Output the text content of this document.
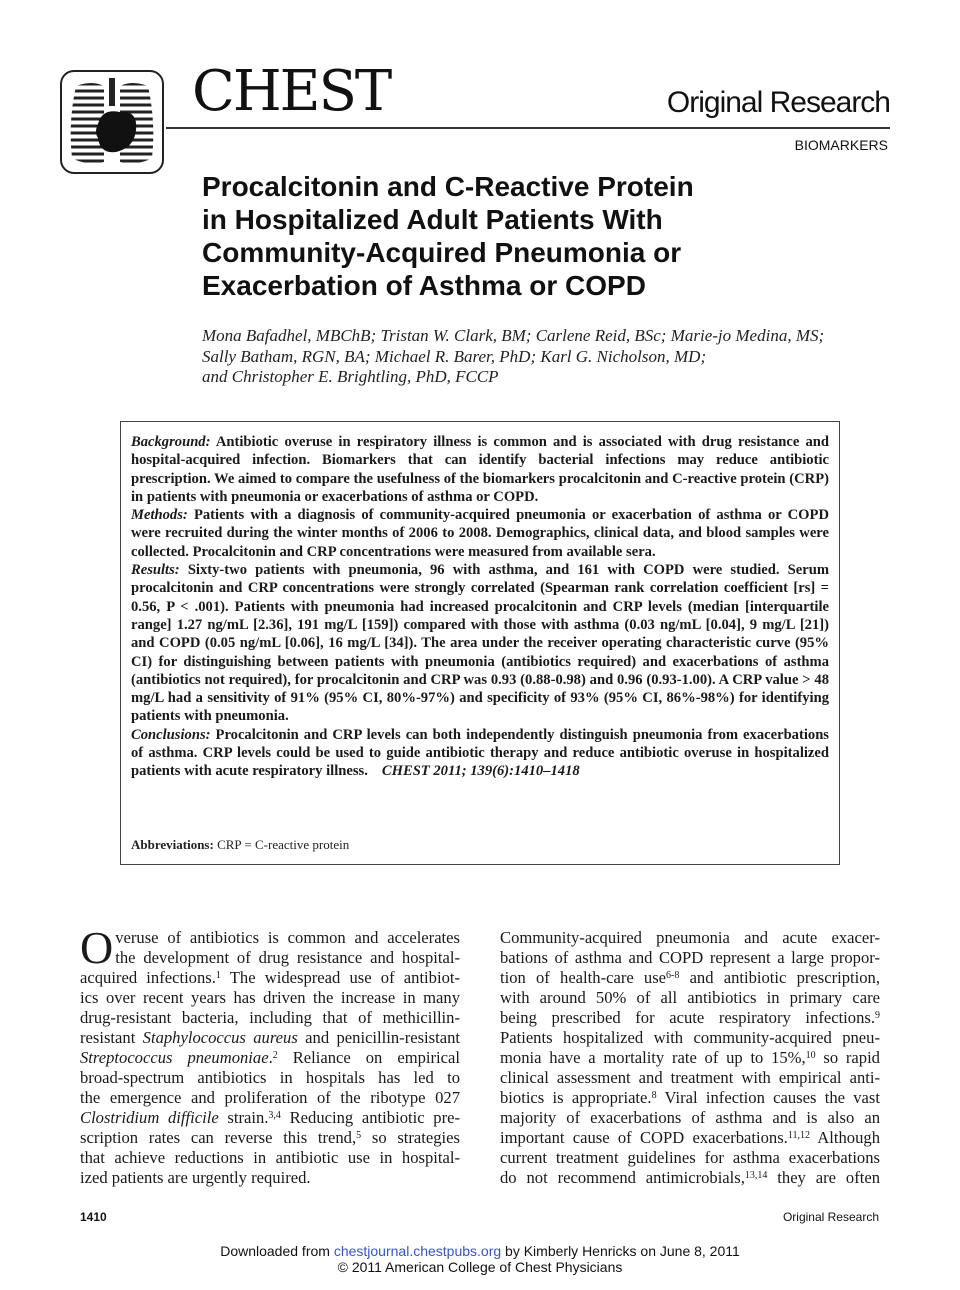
CHEST	Original Research
BIOMARKERS
Procalcitonin and C-Reactive Protein
in Hospitalized Adult Patients With
Community-Acquired Pneumonia or
Exacerbation of Asthma or COPD
Mona Bafadhel, MBChB; Tristan W. Clark, BM; Carlene Reid, BSc; Marie-jo Medina, MS;
Sally Batham, RGN, BA; Michael R. Barer, PhD; Karl G. Nicholson, MD;
and Christopher E. Brightling, PhD, FCCP
Background: Antibiotic overuse in respiratory illness is common and is associated with drug resistance and hospital-acquired infection. Biomarkers that can identify bacterial infections may reduce antibiotic prescription. We aimed to compare the usefulness of the biomarkers procalcitonin and C-reactive protein (CRP) in patients with pneumonia or exacerbations of asthma or COPD.
Methods: Patients with a diagnosis of community-acquired pneumonia or exacerbation of asthma or COPD were recruited during the winter months of 2006 to 2008. Demographics, clinical data, and blood samples were collected. Procalcitonin and CRP concentrations were measured from available sera.
Results: Sixty-two patients with pneumonia, 96 with asthma, and 161 with COPD were studied. Serum procalcitonin and CRP concentrations were strongly correlated (Spearman rank correlation coefficient [rs] = 0.56, P < .001). Patients with pneumonia had increased procalcitonin and CRP levels (median [interquartile range] 1.27 ng/mL [2.36], 191 mg/L [159]) compared with those with asthma (0.03 ng/mL [0.04], 9 mg/L [21]) and COPD (0.05 ng/mL [0.06], 16 mg/L [34]). The area under the receiver operating characteristic curve (95% CI) for distinguishing between patients with pneumonia (antibiotics required) and exacerbations of asthma (antibiotics not required), for procalcitonin and CRP was 0.93 (0.88-0.98) and 0.96 (0.93-1.00). A CRP value > 48 mg/L had a sensitivity of 91% (95% CI, 80%-97%) and specificity of 93% (95% CI, 86%-98%) for identifying patients with pneumonia.
Conclusions: Procalcitonin and CRP levels can both independently distinguish pneumonia from exacerbations of asthma. CRP levels could be used to guide antibiotic therapy and reduce antibiotic overuse in hospitalized patients with acute respiratory illness. CHEST 2011; 139(6):1410–1418
Abbreviations: CRP = C-reactive protein
O veruse of antibiotics is common and accelerates
the development of drug resistance and hospital-
acquired infections.$^1$ The widespread use of antibiot-
ics over recent years has driven the increase in many
drug-resistant bacteria, including that of methicillin-
resistant Staphylococcus aureus and penicillin-resistant
Streptococcus pneumoniae.$^2$ Reliance on empirical
broad-spectrum antibiotics in hospitals has led to
the emergence and proliferation of the ribotype 027
Clostridium difficile strain.$^{3,4}$ Reducing antibiotic pre-
scription rates can reverse this trend,$^5$ so strategies
that achieve reductions in antibiotic use in hospital-
ized patients are urgently required.
Community-acquired pneumonia and acute exacer-
bations of asthma and COPD represent a large propor-
tion of health-care use$^{6-8}$ and antibiotic prescription,
with around 50% of all antibiotics in primary care
being prescribed for acute respiratory infections.$^9$
Patients hospitalized with community-acquired pneu-
monia have a mortality rate of up to 15%,$^{10}$ so rapid
clinical assessment and treatment with empirical anti-
biotics is appropriate.$^8$ Viral infection causes the vast
majority of exacerbations of asthma and is also an
important cause of COPD exacerbations.$^{11,12}$ Although
current treatment guidelines for asthma exacerbations
do not recommend antimicrobials,$^{13,14}$ they are often
1410	Original Research
Downloaded from chestjournal.chestpubs.org by Kimberly Henricks on June 8, 2011
© 2011 American College of Chest Physicians
